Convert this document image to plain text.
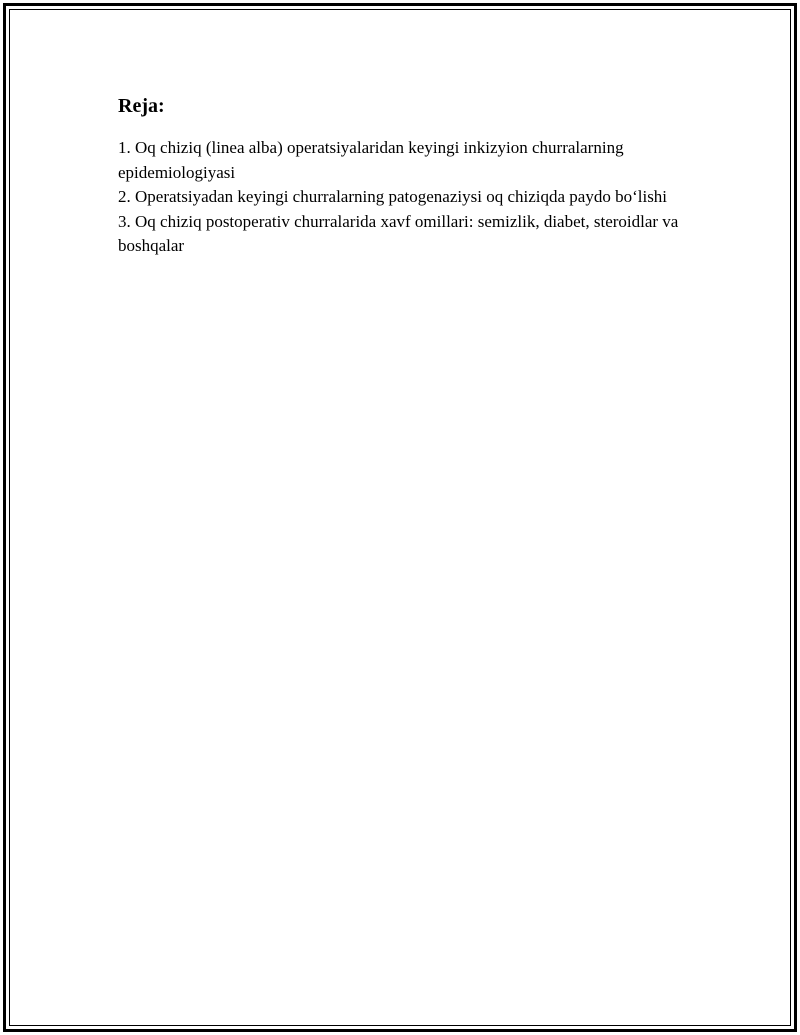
Reja:

1. Oq chiziq (linea alba) operatsiyalaridan keyingi inkizyion churralarning epidemiologiyasi

2. Operatsiyadan keyingi churralarning patogenaziysi oq chiziqda paydo bo‘lishi

3. Oq chiziq postoperativ churralarida xavf omillari: semizlik, diabet, steroidlar va boshqalar
